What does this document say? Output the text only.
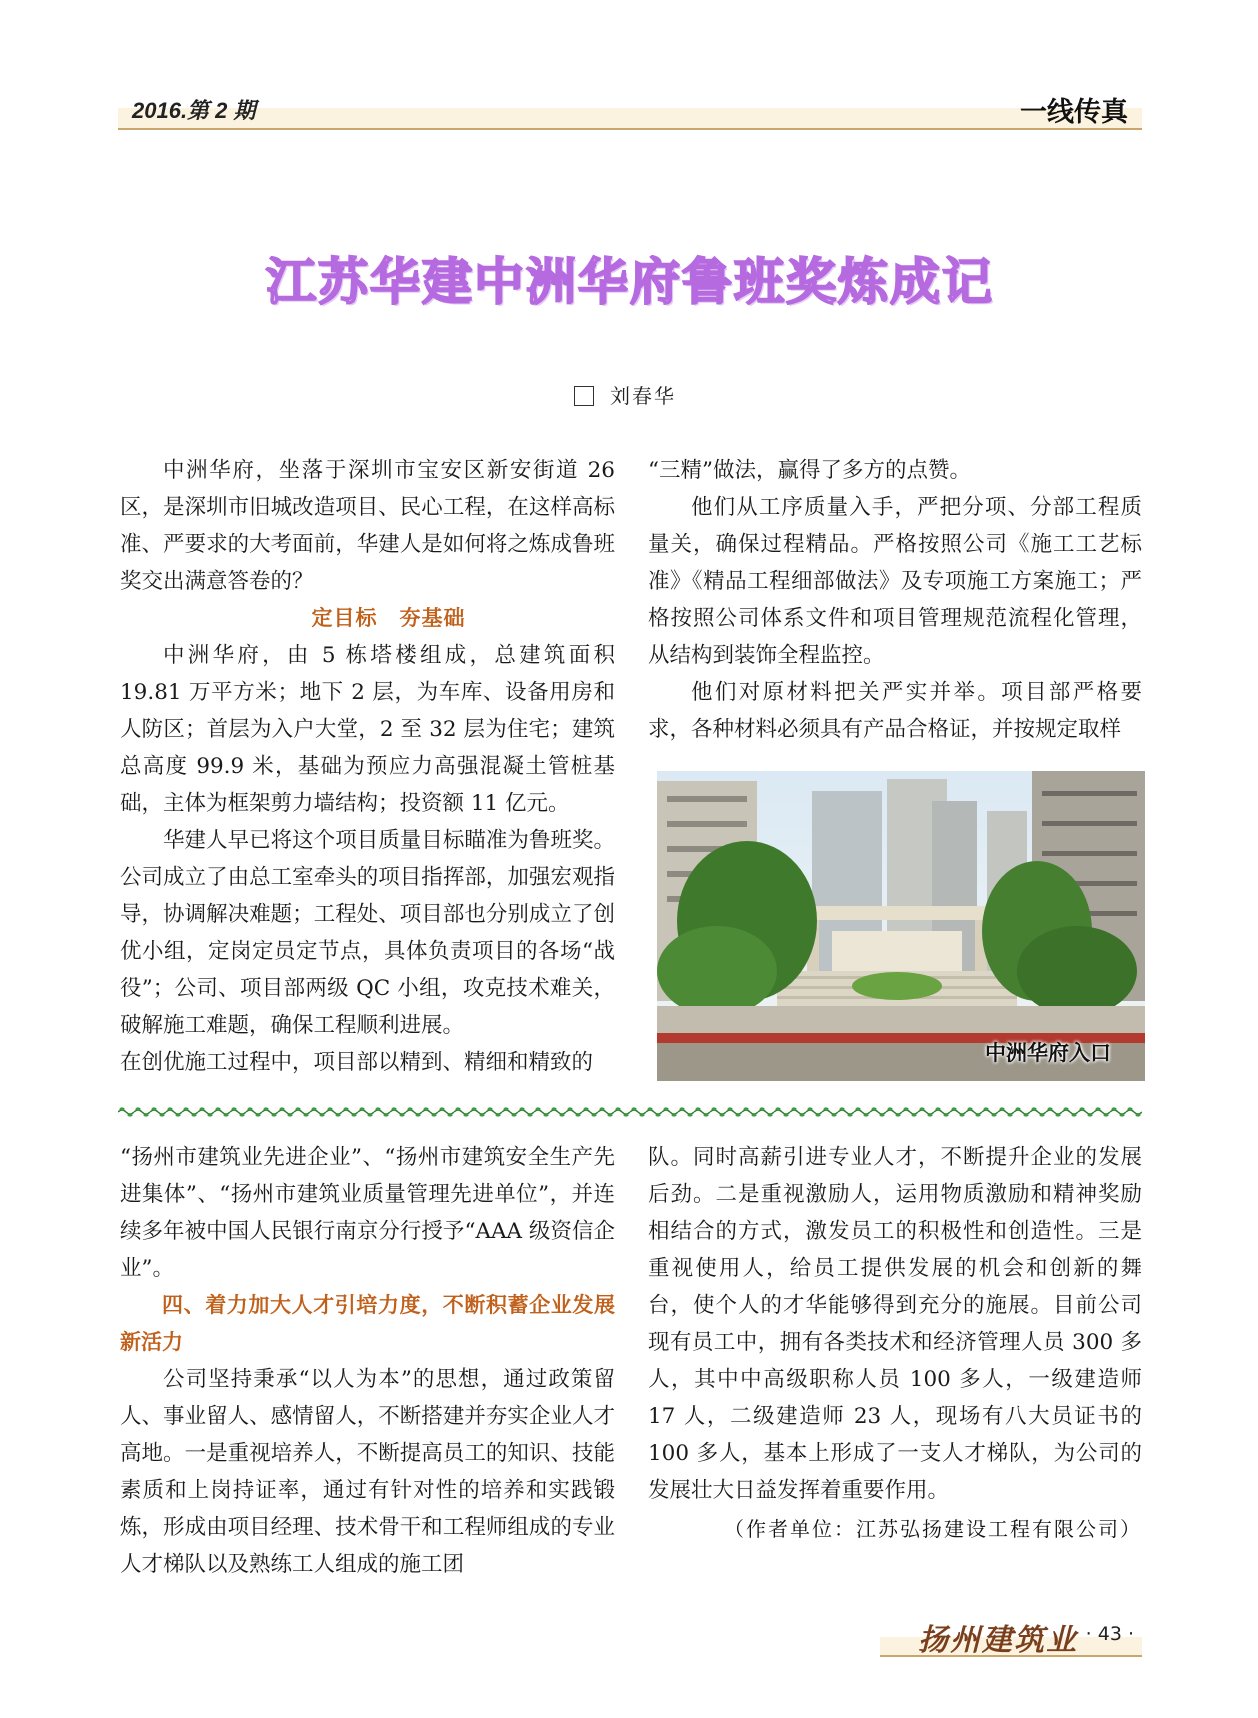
2016.第 2 期	一线传真
江苏华建中洲华府鲁班奖炼成记
刘春华

中洲华府，坐落于深圳市宝安区新安街道 26 区，是深圳市旧城改造项目、民心工程，在这样高标准、严要求的大考面前，华建人是如何将之炼成鲁班奖交出满意答卷的？

定目标　夯基础

中洲华府，由 5 栋塔楼组成，总建筑面积 19.81 万平方米；地下 2 层，为车库、设备用房和人防区；首层为入户大堂，2 至 32 层为住宅；建筑总高度 99.9 米，基础为预应力高强混凝土管桩基础，主体为框架剪力墙结构；投资额 11 亿元。

华建人早已将这个项目质量目标瞄准为鲁班奖。公司成立了由总工室牵头的项目指挥部，加强宏观指导，协调解决难题；工程处、项目部也分别成立了创优小组，定岗定员定节点，具体负责项目的各场“战役”；公司、项目部两级 QC 小组，攻克技术难关，破解施工难题，确保工程顺利进展。

在创优施工过程中，项目部以精到、精细和精致的

“三精”做法，赢得了多方的点赞。

他们从工序质量入手，严把分项、分部工程质量关，确保过程精品。严格按照公司《施工工艺标准》《精品工程细部做法》及专项施工方案施工；严格按照公司体系文件和项目管理规范流程化管理，从结构到装饰全程监控。

他们对原材料把关严实并举。项目部严格要求，各种材料必须具有产品合格证，并按规定取样

中洲华府入口

“扬州市建筑业先进企业”、“扬州市建筑安全生产先进集体”、“扬州市建筑业质量管理先进单位”，并连续多年被中国人民银行南京分行授予“AAA 级资信企业”。

四、着力加大人才引培力度，不断积蓄企业发展新活力

公司坚持秉承“以人为本”的思想，通过政策留人、事业留人、感情留人，不断搭建并夯实企业人才高地。一是重视培养人，不断提高员工的知识、技能素质和上岗持证率，通过有针对性的培养和实践锻炼，形成由项目经理、技术骨干和工程师组成的专业人才梯队以及熟练工人组成的施工团

队。同时高薪引进专业人才，不断提升企业的发展后劲。二是重视激励人，运用物质激励和精神奖励相结合的方式，激发员工的积极性和创造性。三是重视使用人，给员工提供发展的机会和创新的舞台，使个人的才华能够得到充分的施展。目前公司现有员工中，拥有各类技术和经济管理人员 300 多人，其中中高级职称人员 100 多人，一级建造师 17 人，二级建造师 23 人，现场有八大员证书的 100 多人，基本上形成了一支人才梯队，为公司的发展壮大日益发挥着重要作用。

（作者单位：江苏弘扬建设工程有限公司）
扬州建筑业 · 43 ·
